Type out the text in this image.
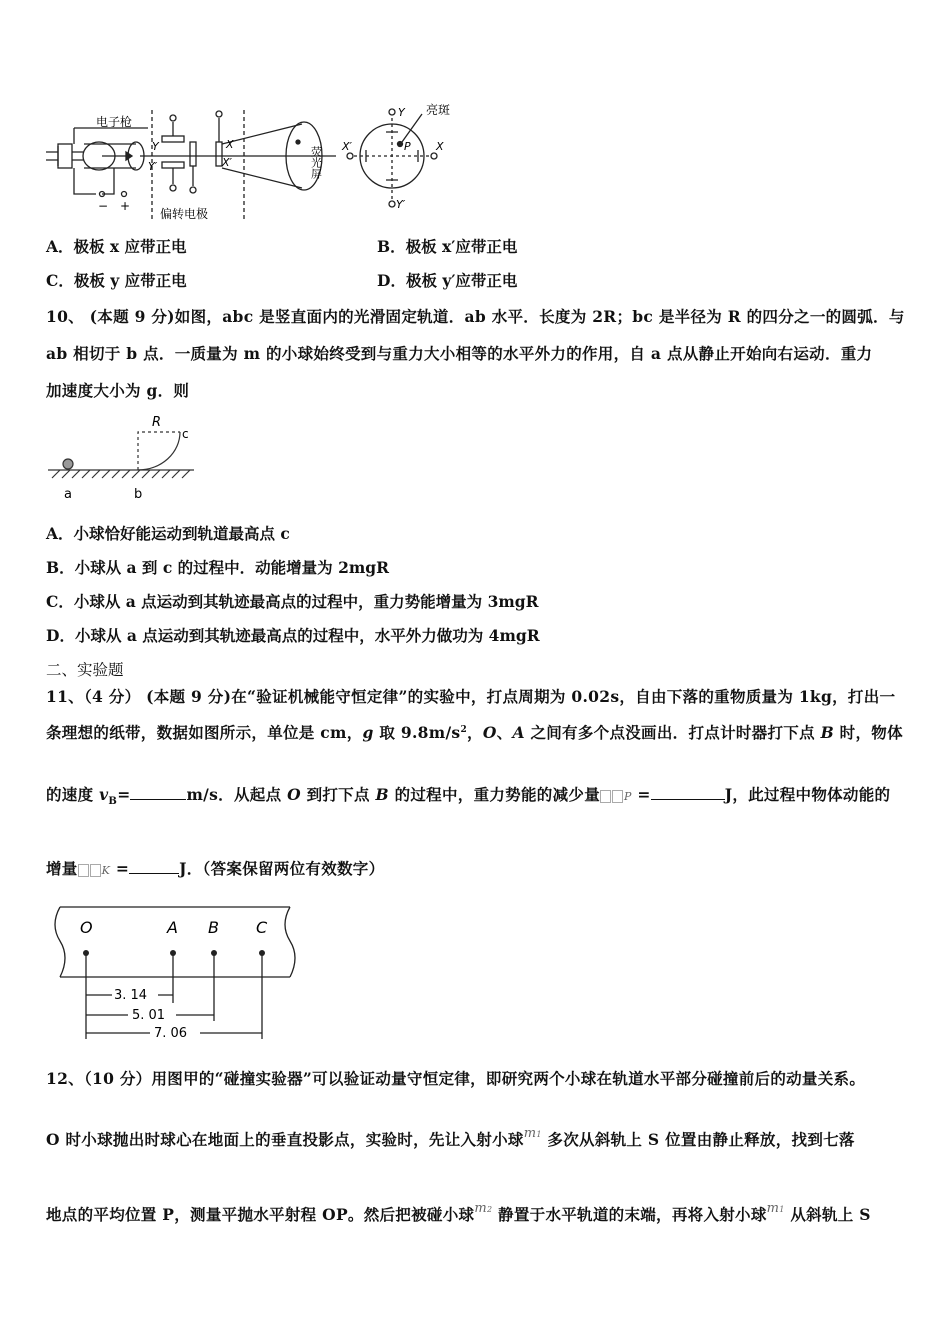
电子枪
偏转电极
亮斑
荧光屏
Y
Y′
X
X′
Y
Y′
X′	X
P
− +
A．极板 x 应带正电	B．极板 x′应带正电
C．极板 y 应带正电	D．极板 y′应带正电
10、 (本题 9 分)如图，abc 是竖直面内的光滑固定轨道．ab 水平．长度为 2R；bc 是半径为 R 的四分之一的圆弧．与
ab 相切于 b 点．一质量为 m 的小球始终受到与重力大小相等的水平外力的作用，自 a 点从静止开始向右运动．重力
加速度大小为 g．则
R
c
a	b
A．小球恰好能运动到轨道最高点 c
B．小球从 a 到 c 的过程中．动能增量为 2mgR
C．小球从 a 点运动到其轨迹最高点的过程中，重力势能增量为 3mgR
D．小球从 a 点运动到其轨迹最高点的过程中，水平外力做功为 4mgR
二、实验题
11、（4 分） (本题 9 分)在“验证机械能守恒定律”的实验中，打点周期为 0.02s，自由下落的重物质量为 1kg，打出一
条理想的纸带，数据如图所示，单位是 cm，g 取 $9.8m/s^2$，O、A 之间有多个点没画出．打点计时器打下点 B 时，物体
的速度 $v_B=$	m/s．从起点 O 到打下点 B 的过程中，重力势能的减少量 P =	J，此过程中物体动能的
增量 K =	J．（答案保留两位有效数字）
O	A B C
3. 14
5. 01
7. 06
12、（10 分）用图甲的“碰撞实验器”可以验证动量守恒定律，即研究两个小球在轨道水平部分碰撞前后的动量关系。
O 时小球抛出时球心在地面上的垂直投影点，实验时，先让入射小球$^{m1}$ 多次从斜轨上 S 位置由静止释放，找到七落
地点的平均位置 P，测量平抛水平射程 OP。然后把被碰小球$^{m2}$ 静置于水平轨道的末端，再将入射小球$^{m1}$ 从斜轨上 S
